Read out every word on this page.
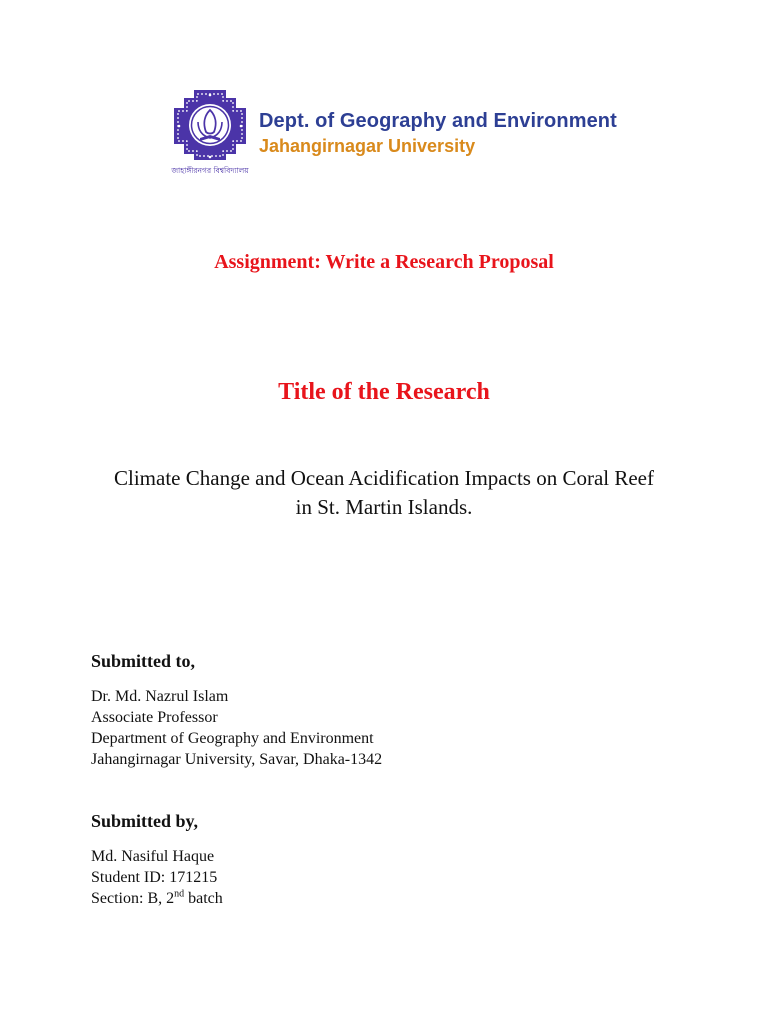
জাহাঙ্গীরনগর বিশ্ববিদ্যালয়
Dept. of Geography and Environment
Jahangirnagar University
Assignment: Write a Research Proposal
Title of the Research
Climate Change and Ocean Acidification Impacts on Coral Reef
in St. Martin Islands.
Submitted to,
Dr. Md. Nazrul Islam
Associate Professor
Department of Geography and Environment
Jahangirnagar University, Savar, Dhaka-1342
Submitted by,
Md. Nasiful Haque
Student ID: 171215
Section: B, 2nd batch
